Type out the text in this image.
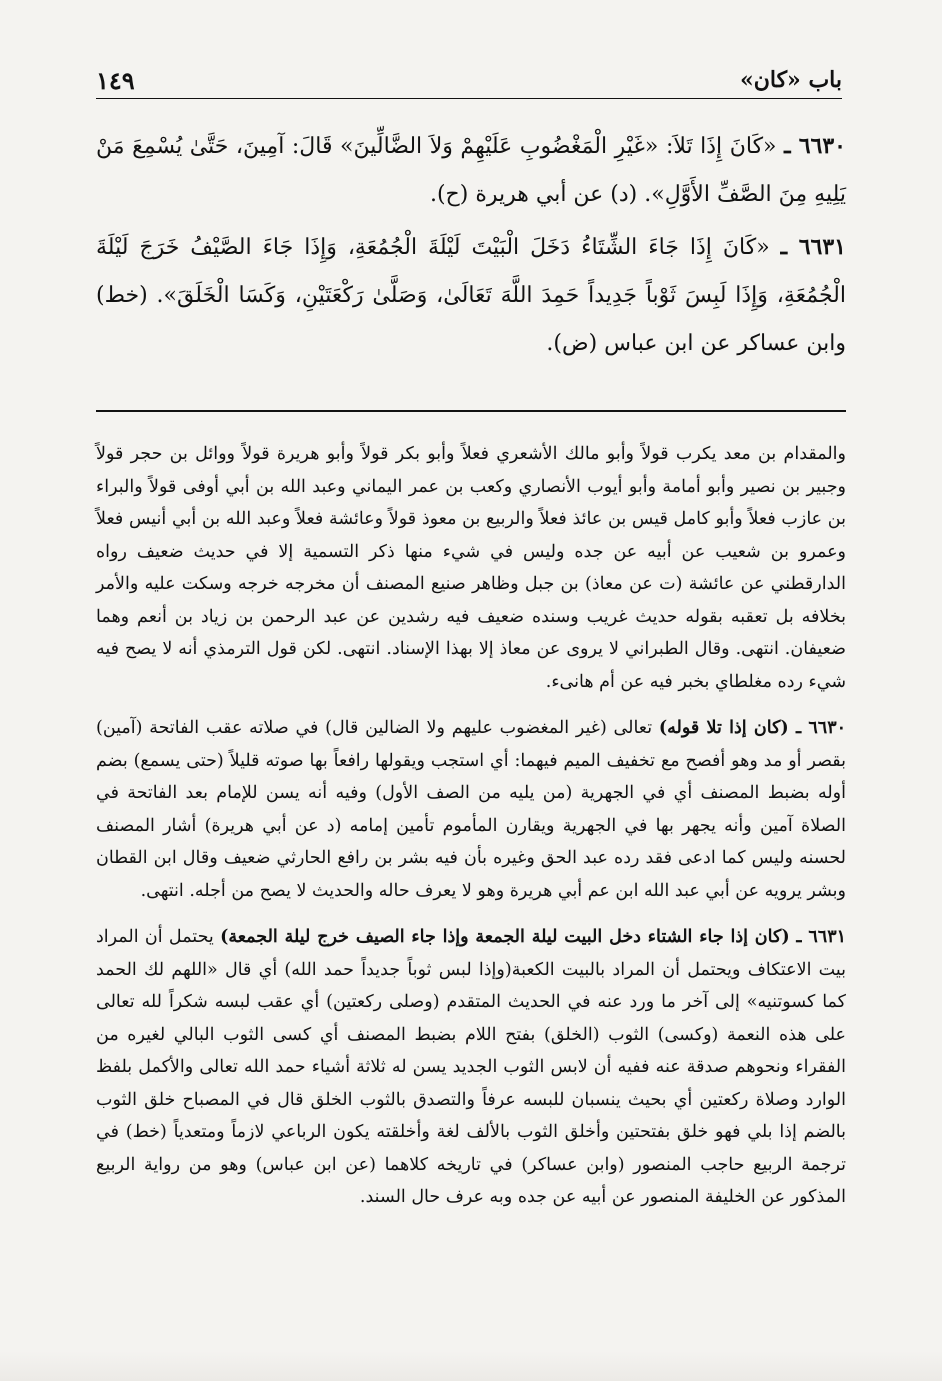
باب «كان»
١٤٩

٦٦٣٠ ـ «كَانَ إِذَا تَلاَ: «غَيْرِ الْمَغْضُوبِ عَلَيْهِمْ وَلاَ الضَّالِّينَ» قَالَ: آمِينَ، حَتَّىٰ يُسْمِعَ مَنْ يَلِيهِ مِنَ الصَّفِّ الأَوَّلِ». (د) عن أبي هريرة (ح).

٦٦٣١ ـ «كَانَ إِذَا جَاءَ الشِّتَاءُ دَخَلَ الْبَيْتَ لَيْلَةَ الْجُمُعَةِ، وَإِذَا جَاءَ الصَّيْفُ خَرَجَ لَيْلَةَ الْجُمُعَةِ، وَإِذَا لَبِسَ ثَوْباً جَدِيداً حَمِدَ اللَّهَ تَعَالَىٰ، وَصَلَّىٰ رَكْعَتَيْنِ، وَكَسَا الْخَلَقَ». (خط) وابن عساكر عن ابن عباس (ض).

والمقدام بن معد يكرب قولاً وأبو مالك الأشعري فعلاً وأبو بكر قولاً وأبو هريرة قولاً ووائل بن حجر قولاً وجبير بن نصير وأبو أمامة وأبو أيوب الأنصاري وكعب بن عمر اليماني وعبد الله بن أبي أوفى قولاً والبراء بن عازب فعلاً وأبو كامل قيس بن عائذ فعلاً والربيع بن معوذ قولاً وعائشة فعلاً وعبد الله بن أبي أنيس فعلاً وعمرو بن شعيب عن أبيه عن جده وليس في شيء منها ذكر التسمية إلا في حديث ضعيف رواه الدارقطني عن عائشة (ت عن معاذ) بن جبل وظاهر صنيع المصنف أن مخرجه خرجه وسكت عليه والأمر بخلافه بل تعقبه بقوله حديث غريب وسنده ضعيف فيه رشدين عن عبد الرحمن بن زياد بن أنعم وهما ضعيفان. انتهى. وقال الطبراني لا يروى عن معاذ إلا بهذا الإسناد. انتهى. لكن قول الترمذي أنه لا يصح فيه شيء رده مغلطاي بخبر فيه عن أم هانىء.

٦٦٣٠ ـ (كان إذا تلا قوله) تعالى (غير المغضوب عليهم ولا الضالين قال) في صلاته عقب الفاتحة (آمين) بقصر أو مد وهو أفصح مع تخفيف الميم فيهما: أي استجب ويقولها رافعاً بها صوته قليلاً (حتى يسمع) بضم أوله بضبط المصنف أي في الجهرية (من يليه من الصف الأول) وفيه أنه يسن للإمام بعد الفاتحة في الصلاة آمين وأنه يجهر بها في الجهرية ويقارن المأموم تأمين إمامه (د عن أبي هريرة) أشار المصنف لحسنه وليس كما ادعى فقد رده عبد الحق وغيره بأن فيه بشر بن رافع الحارثي ضعيف وقال ابن القطان وبشر يرويه عن أبي عبد الله ابن عم أبي هريرة وهو لا يعرف حاله والحديث لا يصح من أجله. انتهى.

٦٦٣١ ـ (كان إذا جاء الشتاء دخل البيت ليلة الجمعة وإذا جاء الصيف خرج ليلة الجمعة) يحتمل أن المراد بيت الاعتكاف ويحتمل أن المراد بالبيت الكعبة(وإذا لبس ثوباً جديداً حمد الله) أي قال «اللهم لك الحمد كما كسوتنيه» إلى آخر ما ورد عنه في الحديث المتقدم (وصلى ركعتين) أي عقب لبسه شكراً لله تعالى على هذه النعمة (وكسى) الثوب (الخلق) بفتح اللام بضبط المصنف أي كسى الثوب البالي لغيره من الفقراء ونحوهم صدقة عنه ففيه أن لابس الثوب الجديد يسن له ثلاثة أشياء حمد الله تعالى والأكمل بلفظ الوارد وصلاة ركعتين أي بحيث ينسبان للبسه عرفاً والتصدق بالثوب الخلق قال في المصباح خلق الثوب بالضم إذا بلي فهو خلق بفتحتين وأخلق الثوب بالألف لغة وأخلقته يكون الرباعي لازماً ومتعدياً (خط) في ترجمة الربيع حاجب المنصور (وابن عساكر) في تاريخه كلاهما (عن ابن عباس) وهو من رواية الربيع المذكور عن الخليفة المنصور عن أبيه عن جده وبه عرف حال السند.
